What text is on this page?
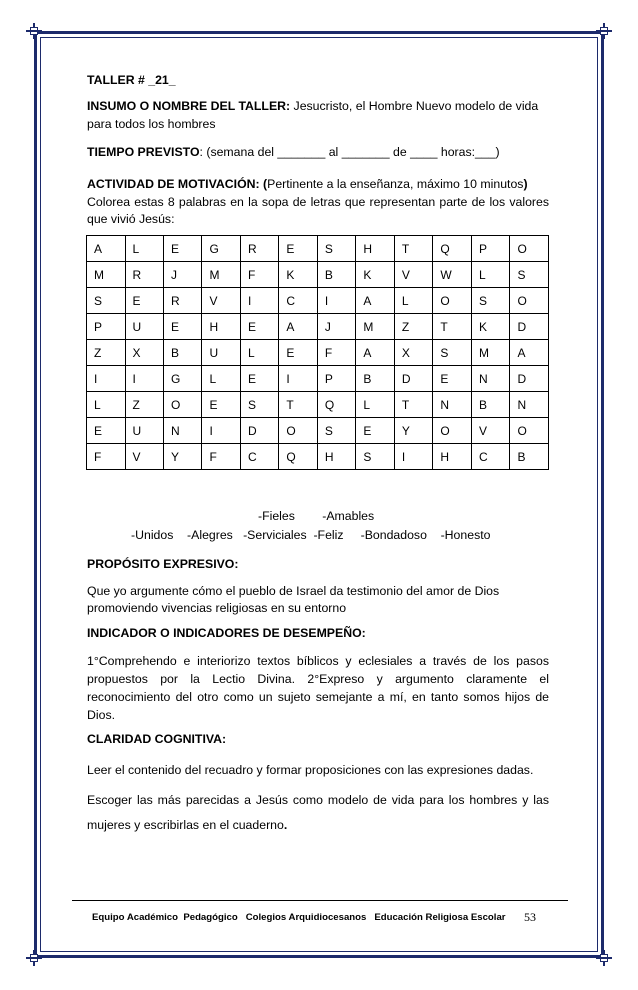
TALLER # _21_

INSUMO O NOMBRE DEL TALLER: Jesucristo, el Hombre Nuevo modelo de vida para todos los hombres

TIEMPO PREVISTO: (semana del _______ al _______ de ____ horas:___)

ACTIVIDAD DE MOTIVACIÓN: (Pertinente a la enseñanza, máximo 10 minutos)

Colorea estas 8 palabras en la sopa de letras que representan parte de los valores que vivió Jesús:

A	L	E	G	R	E	S	H	T	Q	P	O
M	R	J	M	F	K	B	K	V	W	L	S
S	E	R	V	I	C	I	A	L	O	S	O
P	U	E	H	E	A	J	M	Z	T	K	D
Z	X	B	U	L	E	F	A	X	S	M	A
I	I	G	L	E	I	P	B	D	E	N	D
L	Z	O	E	S	T	Q	L	T	N	B	N
E	U	N	I	D	O	S	E	Y	O	V	O
F	V	Y	F	C	Q	H	S	I	H	C	B
-Fieles        -Amables
-Unidos    -Alegres   -Serviciales  -Feliz     -Bondadoso    -Honesto

PROPÓSITO EXPRESIVO:

Que yo argumente cómo el pueblo de Israel da testimonio del amor de Dios promoviendo vivencias religiosas en su entorno

INDICADOR O INDICADORES DE DESEMPEÑO:

1°Comprehendo e interiorizo textos bíblicos y eclesiales a través de los pasos propuestos por la Lectio Divina. 2°Expreso y argumento claramente el reconocimiento del otro como un sujeto semejante a mí, en tanto somos hijos de Dios.

CLARIDAD COGNITIVA:

Leer el contenido del recuadro y formar proposiciones con las expresiones dadas.

Escoger las más parecidas a Jesús como modelo de vida para los hombres y las mujeres y escribirlas en el cuaderno.

Equipo Académico  Pedagógico   Colegios Arquidiocesanos   Educación Religiosa Escolar 53
